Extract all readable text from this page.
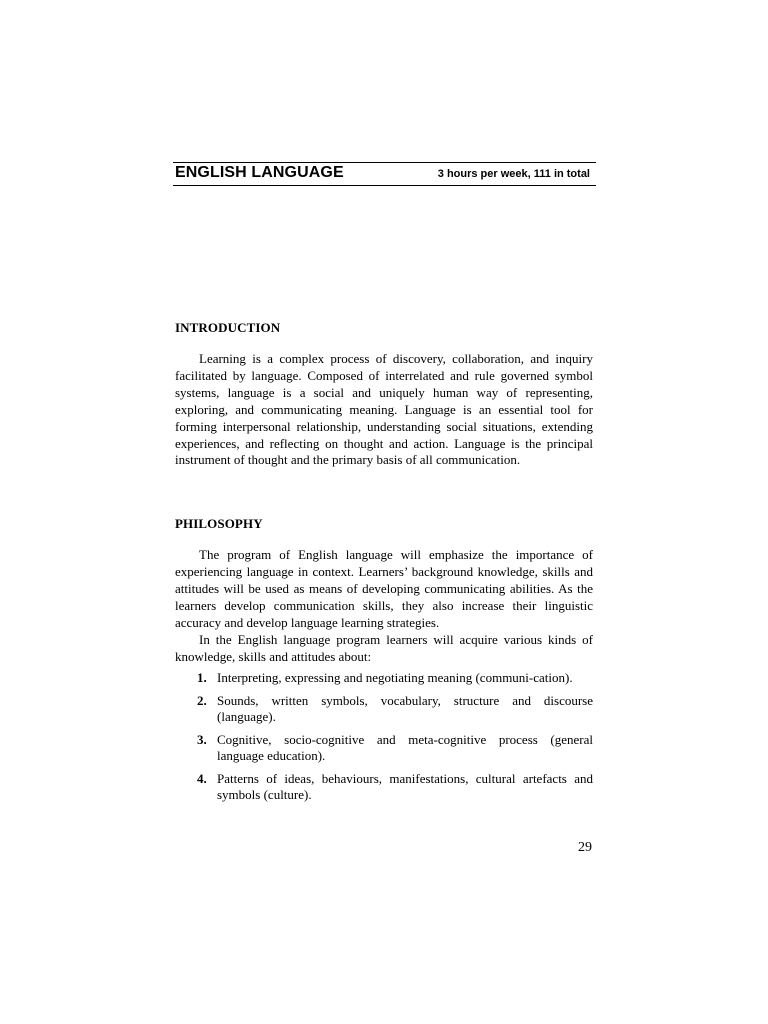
ENGLISH LANGUAGE	3 hours per week, 111 in total
INTRODUCTION

Learning is a complex process of discovery, collaboration, and inquiry facilitated by language. Composed of interrelated and rule governed symbol systems, language is a social and uniquely human way of representing, exploring, and communicating meaning. Language is an essential tool for forming interpersonal relationship, understanding social situations, extending experiences, and reflecting on thought and action. Language is the principal instrument of thought and the primary basis of all communication.

PHILOSOPHY

The program of English language will emphasize the importance of experiencing language in context. Learners’ background knowledge, skills and attitudes will be used as means of developing communicating abilities. As the learners develop communication skills, they also increase their linguistic accuracy and develop language learning strategies.

In the English language program learners will acquire various kinds of knowledge, skills and attitudes about:

1. Interpreting, expressing and negotiating meaning (communi-cation).
2. Sounds, written symbols, vocabulary, structure and discourse (language).
3. Cognitive, socio-cognitive and meta-cognitive process (general language education).
4. Patterns of ideas, behaviours, manifestations, cultural artefacts and symbols (culture).
29
